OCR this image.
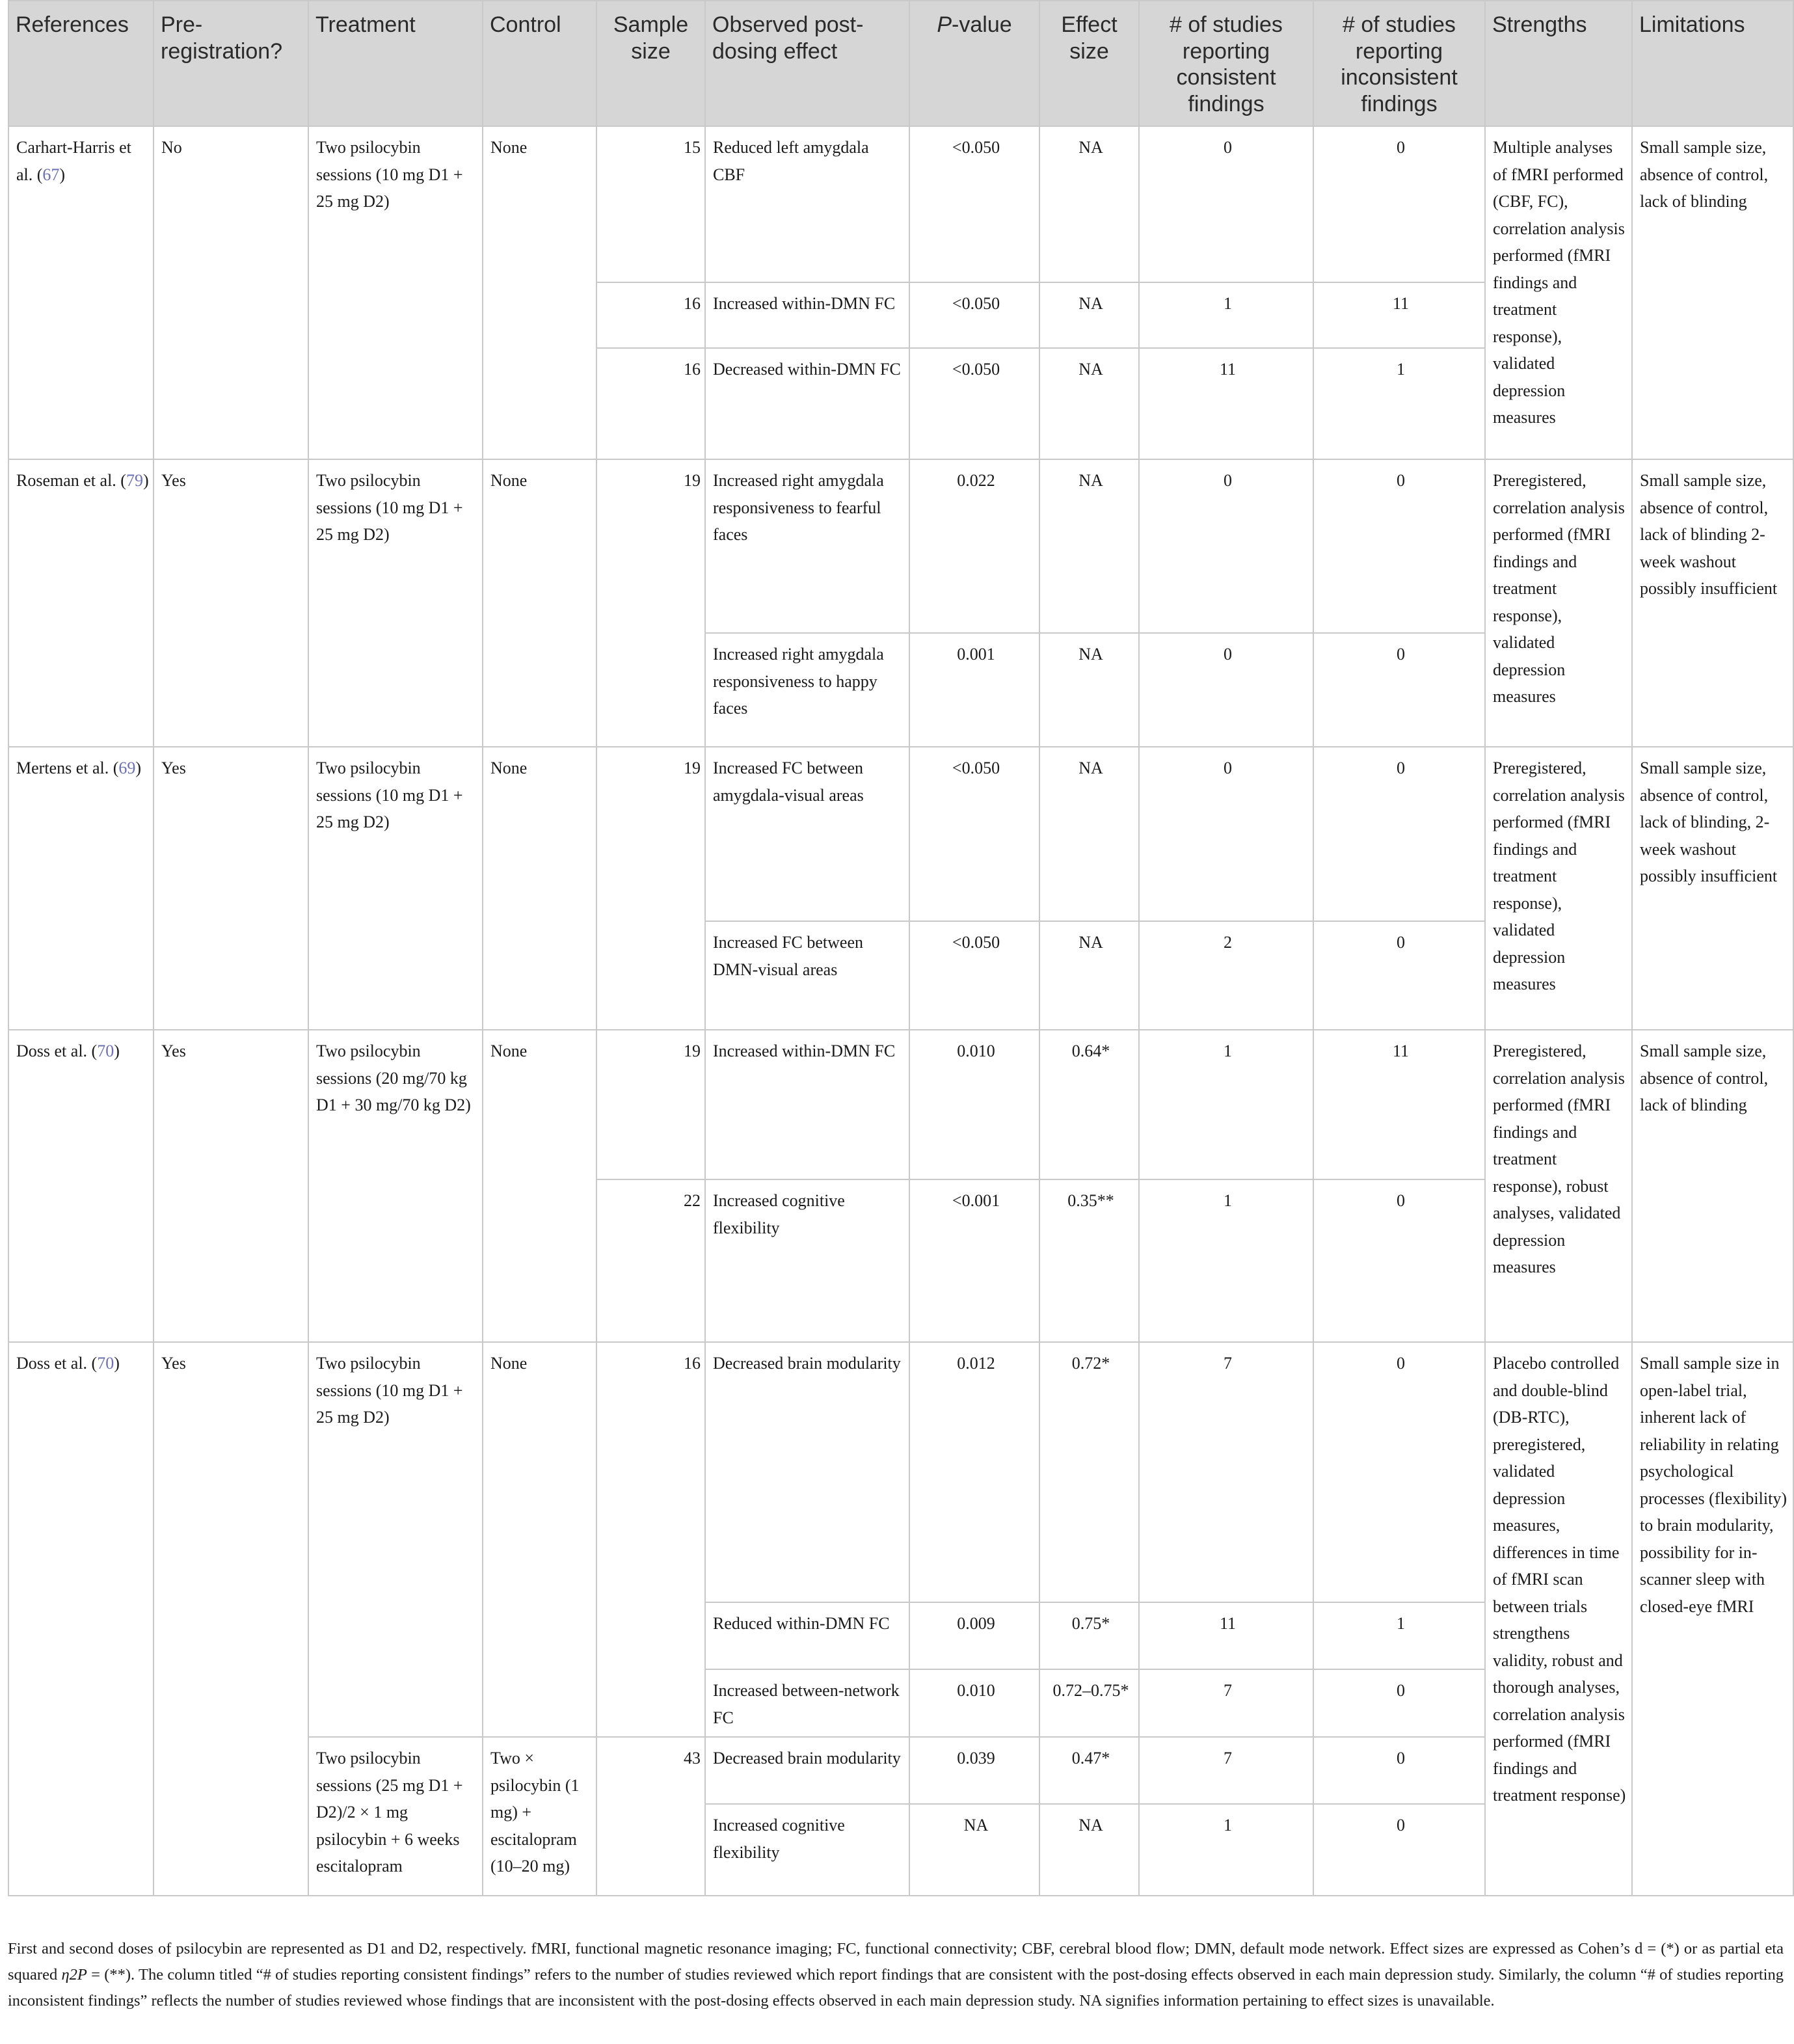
References	Pre-registration?	Treatment	Control	Sample size	Observed post-dosing effect	P-value	Effect size	# of studies reporting consistent findings	# of studies reporting inconsistent findings	Strengths	Limitations

Carhart-Harris et al. (67)	No	Two psilocybin sessions (10 mg D1 + 25 mg D2)	None	15	Reduced left amygdala CBF	<0.050	NA	0	0	Multiple analyses of fMRI performed (CBF, FC), correlation analysis performed (fMRI findings and treatment response), validated depression measures	Small sample size, absence of control, lack of blinding

				16	Increased within-DMN FC	<0.050	NA	1	11		

				16	Decreased within-DMN FC	<0.050	NA	11	1		

Roseman et al. (79)	Yes	Two psilocybin sessions (10 mg D1 + 25 mg D2)	None	19	Increased right amygdala responsiveness to fearful faces	0.022	NA	0	0	Preregistered, correlation analysis performed (fMRI findings and treatment response), validated depression measures	Small sample size, absence of control, lack of blinding 2-week washout possibly insufficient

					Increased right amygdala responsiveness to happy faces	0.001	NA	0	0		

Mertens et al. (69)	Yes	Two psilocybin sessions (10 mg D1 + 25 mg D2)	None	19	Increased FC between amygdala-visual areas	<0.050	NA	0	0	Preregistered, correlation analysis performed (fMRI findings and treatment response), validated depression measures	Small sample size, absence of control, lack of blinding, 2-week washout possibly insufficient

					Increased FC between DMN-visual areas	<0.050	NA	2	0		

Doss et al. (70)	Yes	Two psilocybin sessions (20 mg/70 kg D1 + 30 mg/70 kg D2)	None	19	Increased within-DMN FC	0.010	0.64*	1	11	Preregistered, correlation analysis performed (fMRI findings and treatment response), robust analyses, validated depression measures	Small sample size, absence of control, lack of blinding

				22	Increased cognitive flexibility	<0.001	0.35**	1	0		

Doss et al. (70)	Yes	Two psilocybin sessions (10 mg D1 + 25 mg D2)	None	16	Decreased brain modularity	0.012	0.72*	7	0	Placebo controlled and double-blind (DB-RTC), preregistered, validated depression measures, differences in time of fMRI scan between trials strengthens validity, robust and thorough analyses, correlation analysis performed (fMRI findings and treatment response)	Small sample size in open-label trial, inherent lack of reliability in relating psychological processes (flexibility) to brain modularity, possibility for in-scanner sleep with closed-eye fMRI

					Reduced within-DMN FC	0.009	0.75*	11	1		

					Increased between-network FC	0.010	0.72–0.75*	7	0		

		Two psilocybin sessions (25 mg D1 + D2)/2 × 1 mg psilocybin + 6 weeks escitalopram	Two × psilocybin (1 mg) + escitalopram (10–20 mg)	43	Decreased brain modularity	0.039	0.47*	7	0		

					Increased cognitive flexibility	NA	NA	1	0		
First and second doses of psilocybin are represented as D1 and D2, respectively. fMRI, functional magnetic resonance imaging; FC, functional connectivity; CBF, cerebral blood flow; DMN, default mode network. Effect sizes are expressed as Cohen’s d = (*) or as partial eta squared η2P = (**). The column titled “# of studies reporting consistent findings” refers to the number of studies reviewed which report findings that are consistent with the post-dosing effects observed in each main depression study. Similarly, the column “# of studies reporting inconsistent findings” reflects the number of studies reviewed whose findings that are inconsistent with the post-dosing effects observed in each main depression study. NA signifies information pertaining to effect sizes is unavailable.
